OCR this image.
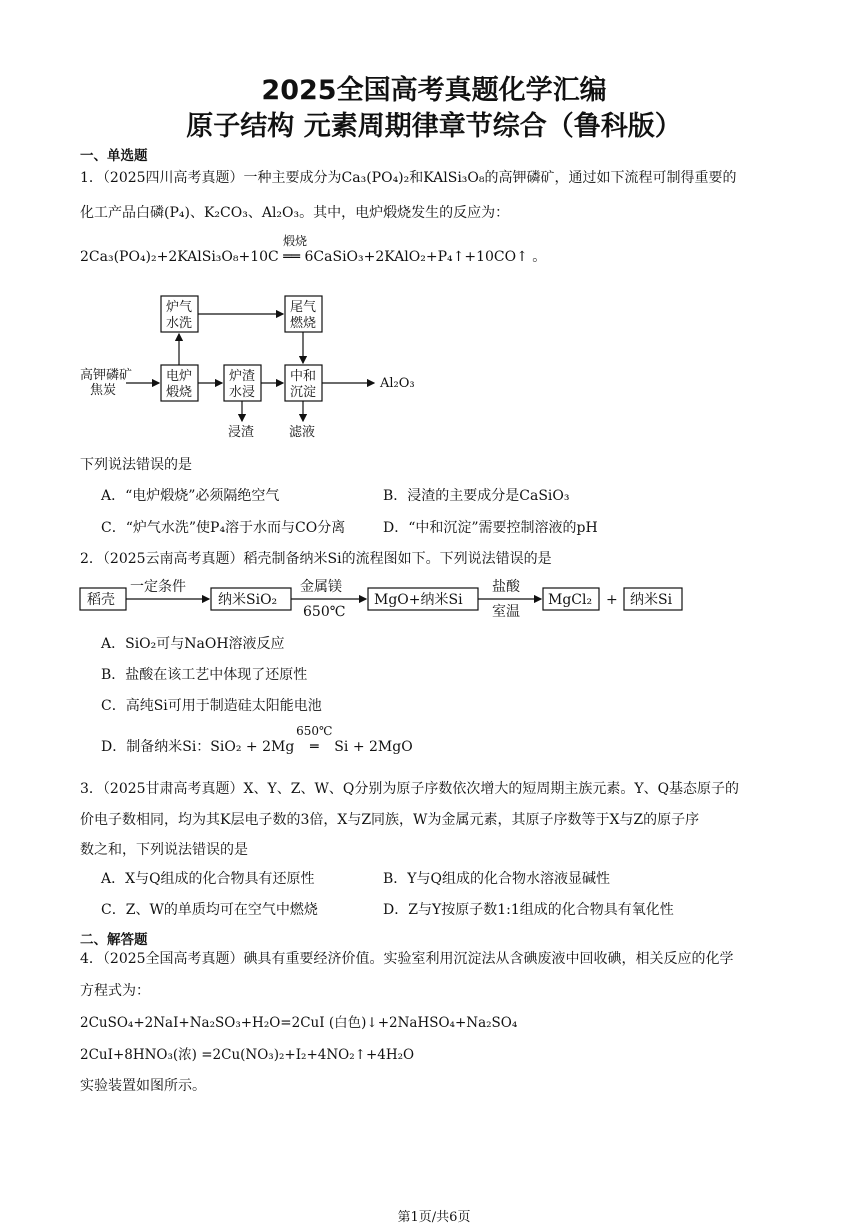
2025全国高考真题化学汇编
原子结构 元素周期律章节综合（鲁科版）
一、单选题
1．（2025四川高考真题）一种主要成分为Ca₃(PO₄)₂和KAlSi₃O₈的高钾磷矿，通过如下流程可制得重要的
化工产品白磷(P₄)、K₂CO₃、Al₂O₃。其中，电炉煅烧发生的反应为：
2Ca₃(PO₄)₂+2KAlSi₃O₈+10C ══ 6CaSiO₃+2KAlO₂+P₄↑+10CO↑ 。
煅烧
高钾磷矿
焦炭
炉气
水洗
尾气
燃烧
电炉
煅烧
炉渣
水浸
中和
沉淀
Al₂O₃
浸渣	滤液
下列说法错误的是
A．“电炉煅烧”必须隔绝空气	B．浸渣的主要成分是CaSiO₃
C．“炉气水洗”使P₄溶于水而与CO分离	D．“中和沉淀”需要控制溶液的pH
2．（2025云南高考真题）稻壳制备纳米Si的流程图如下。下列说法错误的是
稻壳
一定条件
纳米SiO₂
金属镁
650℃
MgO+纳米Si
盐酸
室温
MgCl₂ + 纳米Si
A．SiO₂可与NaOH溶液反应
B．盐酸在该工艺中体现了还原性
C．高纯Si可用于制造硅太阳能电池
D．制备纳米Si：SiO₂ + 2Mg
650℃
═ Si + 2MgO
3．（2025甘肃高考真题）X、Y、Z、W、Q分别为原子序数依次增大的短周期主族元素。Y、Q基态原子的
价电子数相同，均为其K层电子数的3倍，X与Z同族，W为金属元素，其原子序数等于X与Z的原子序
数之和，下列说法错误的是
A．X与Q组成的化合物具有还原性	B．Y与Q组成的化合物水溶液显碱性
C．Z、W的单质均可在空气中燃烧	D．Z与Y按原子数1:1组成的化合物具有氧化性
二、解答题
4．（2025全国高考真题）碘具有重要经济价值。实验室利用沉淀法从含碘废液中回收碘，相关反应的化学
方程式为：
2CuSO₄+2NaI+Na₂SO₃+H₂O=2CuI (白色)↓+2NaHSO₄+Na₂SO₄
2CuI+8HNO₃(浓) =2Cu(NO₃)₂+I₂+4NO₂↑+4H₂O
实验装置如图所示。
第1页/共6页
